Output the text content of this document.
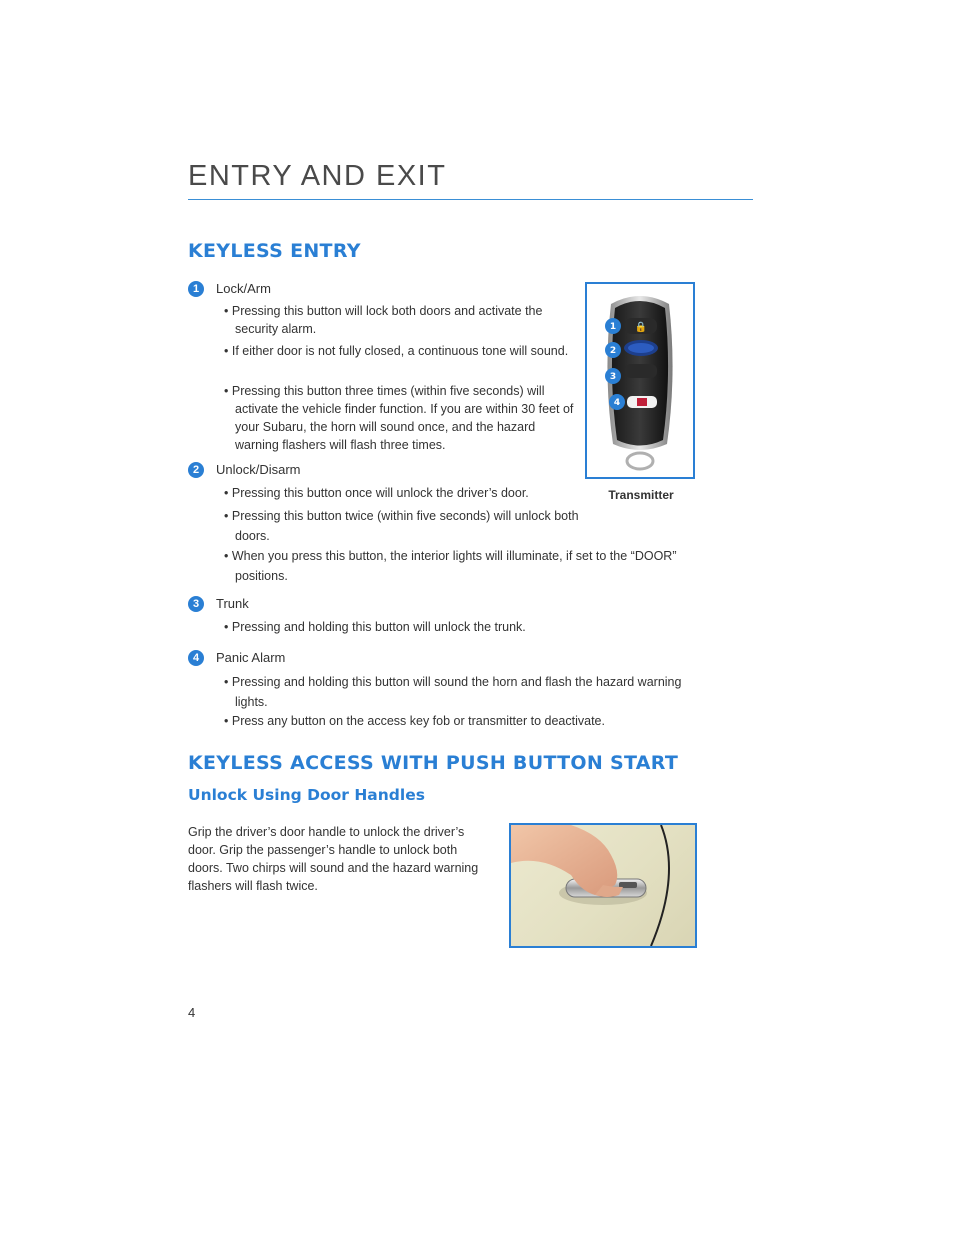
ENTRY AND EXIT
KEYLESS ENTRY
1	Lock/Arm
• Pressing this button will lock both doors and activate the security alarm.
• If either door is not fully closed, a continuous tone will sound.
• Pressing this button three times (within five seconds) will activate the vehicle finder function. If you are within 30 feet of your Subaru, the horn will sound once, and the hazard warning flashers will flash three times.
2	Unlock/Disarm
• Pressing this button once will unlock the driver’s door.
• Pressing this button twice (within five seconds) will unlock both doors.
• When you press this button, the interior lights will illuminate, if set to the “DOOR” positions.
3	Trunk
• Pressing and holding this button will unlock the trunk.
4	Panic Alarm
• Pressing and holding this button will sound the horn and flash the hazard warning lights.
• Press any button on the access key fob or transmitter to deactivate.
🔒
1
2
3
4
Transmitter
KEYLESS ACCESS WITH PUSH BUTTON START
Unlock Using Door Handles
Grip the driver’s door handle to unlock the driver’s door. Grip the passenger’s handle to unlock both doors. Two chirps will sound and the hazard warning flashers will flash twice.
4
